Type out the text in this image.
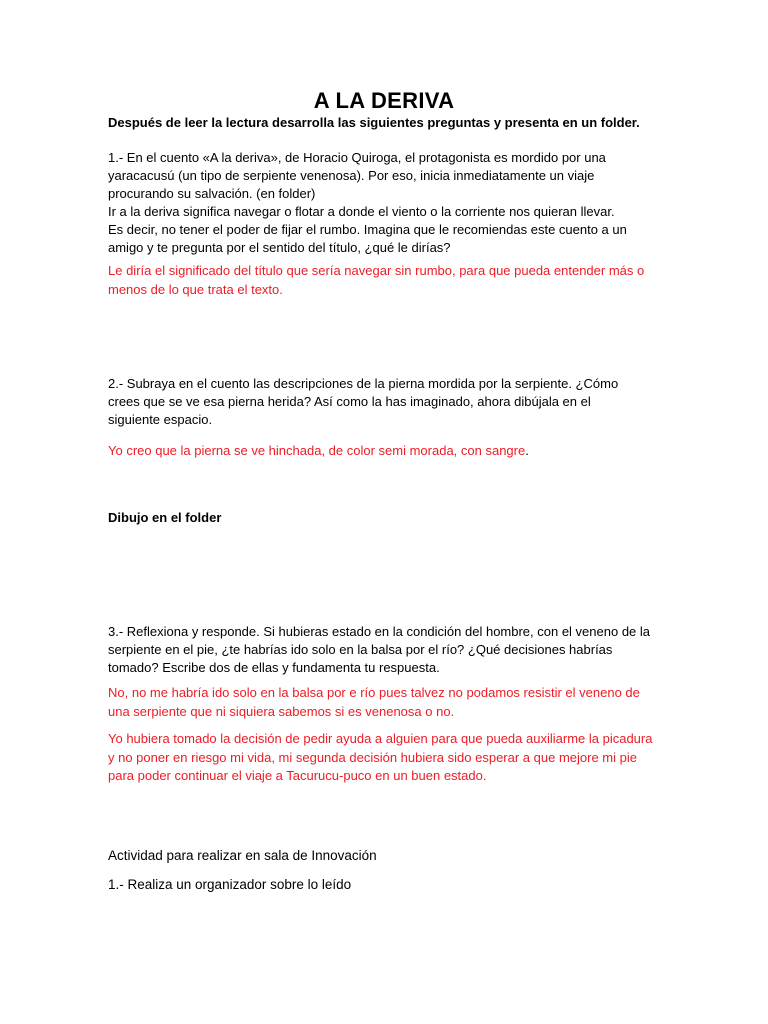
A LA DERIVA
Después de leer la lectura desarrolla las siguientes preguntas y presenta en un folder.
1.- En el cuento «A la deriva», de Horacio Quiroga, el protagonista es mordido por una
yaracacusú (un tipo de serpiente venenosa). Por eso, inicia inmediatamente un viaje
procurando su salvación. (en folder)
Ir a la deriva significa navegar o flotar a donde el viento o la corriente nos quieran llevar.
Es decir, no tener el poder de fijar el rumbo. Imagina que le recomiendas este cuento a un
amigo y te pregunta por el sentido del título, ¿qué le dirías?
Le diría el significado del título que sería navegar sin rumbo, para que pueda entender más o
menos de lo que trata el texto.
2.- Subraya en el cuento las descripciones de la pierna mordida por la serpiente. ¿Cómo
crees que se ve esa pierna herida? Así como la has imaginado, ahora dibújala en el
siguiente espacio.
Yo creo que la pierna se ve hinchada, de color semi morada, con sangre.
Dibujo en el folder
3.- Reflexiona y responde. Si hubieras estado en la condición del hombre, con el veneno de la
serpiente en el pie, ¿te habrías ido solo en la balsa por el río? ¿Qué decisiones habrías
tomado? Escribe dos de ellas y fundamenta tu respuesta.
No, no me habría ido solo en la balsa por e río pues talvez no podamos resistir el veneno de
una serpiente que ni siquiera sabemos si es venenosa o no.
Yo hubiera tomado la decisión de pedir ayuda a alguien para que pueda auxiliarme la picadura
y no poner en riesgo mi vida, mi segunda decisión hubiera sido esperar a que mejore mi pie
para poder continuar el viaje a Tacurucu-puco en un buen estado.
Actividad para realizar en sala de Innovación
1.- Realiza un organizador sobre lo leído
